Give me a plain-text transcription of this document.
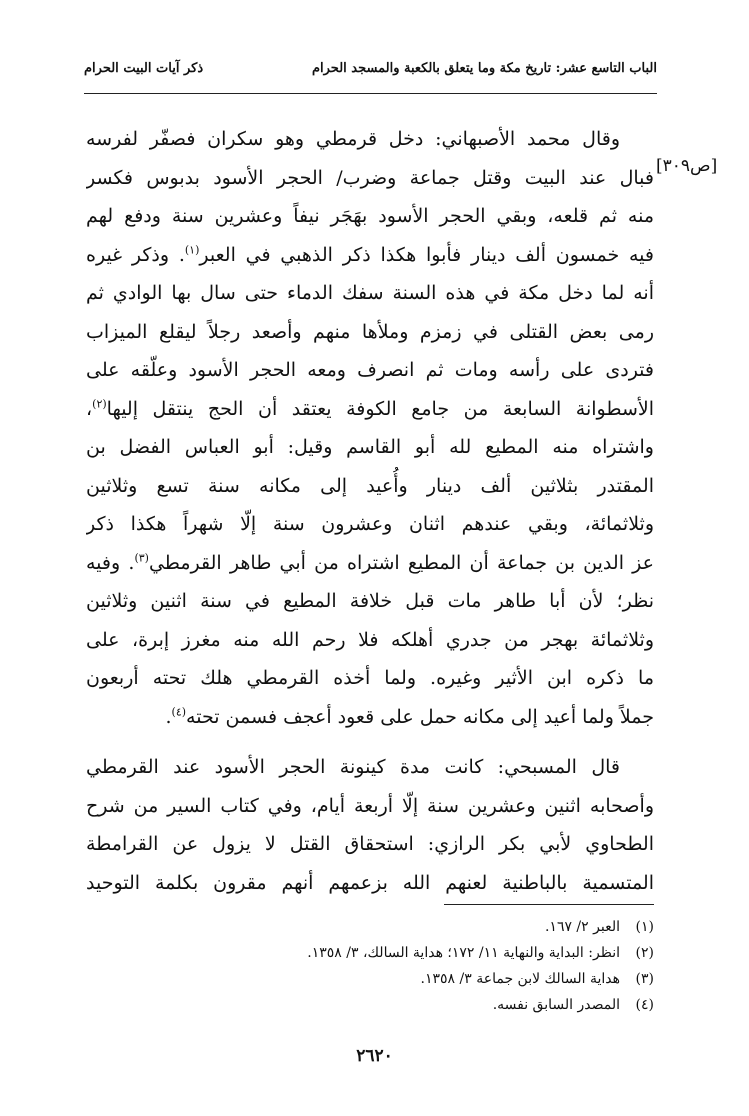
الباب التاسع عشر: تاريخ مكة وما يتعلق بالكعبة والمسجد الحرام
ذكر آيات البيت الحرام
[ص٣٠٩]
وقال محمد الأصبهاني: دخل قرمطي وهو سكران فصفّر لفرسه
فبال عند البيت وقتل جماعة وضرب/ الحجر الأسود بدبوس فكسر
منه ثم قلعه، وبقي الحجر الأسود بهَجَر نيفاً وعشرين سنة ودفع لهم
فيه خمسون ألف دينار فأبوا هكذا ذكر الذهبي في العبر$^{(١)}$. وذكر غيره
أنه لما دخل مكة في هذه السنة سفك الدماء حتى سال بها الوادي ثم
رمى بعض القتلى في زمزم وملأها منهم وأصعد رجلاً ليقلع الميزاب
فتردى على رأسه ومات ثم انصرف ومعه الحجر الأسود وعلّقه على
الأسطوانة السابعة من جامع الكوفة يعتقد أن الحج ينتقل إليها$^{(٢)}$،
واشتراه منه المطيع لله أبو القاسم وقيل: أبو العباس الفضل بن
المقتدر بثلاثين ألف دينار وأُعيد إلى مكانه سنة تسع وثلاثين
وثلاثمائة، وبقي عندهم اثنان وعشرون سنة إلّا شهراً هكذا ذكر
عز الدين بن جماعة أن المطيع اشتراه من أبي طاهر القرمطي$^{(٣)}$. وفيه
نظر؛ لأن أبا طاهر مات قبل خلافة المطيع في سنة اثنين وثلاثين
وثلاثمائة بهجر من جدري أهلكه فلا رحم الله منه مغرز إبرة، على
ما ذكره ابن الأثير وغيره. ولما أخذه القرمطي هلك تحته أربعون
جملاً ولما أعيد إلى مكانه حمل على قعود أعجف فسمن تحته$^{(٤)}$.
قال المسبحي: كانت مدة كينونة الحجر الأسود عند القرمطي
وأصحابه اثنين وعشرين سنة إلّا أربعة أيام، وفي كتاب السير من شرح
الطحاوي لأبي بكر الرازي: استحقاق القتل لا يزول عن القرامطة
المتسمية بالباطنية لعنهم الله بزعمهم أنهم مقرون بكلمة التوحيد
(١)العبر ٢/ ١٦٧.
(٢)انظر: البداية والنهاية ١١/ ١٧٢؛ هداية السالك، ٣/ ١٣٥٨.
(٣)هداية السالك لابن جماعة ٣/ ١٣٥٨.
(٤)المصدر السابق نفسه.
٢٦٢٠
